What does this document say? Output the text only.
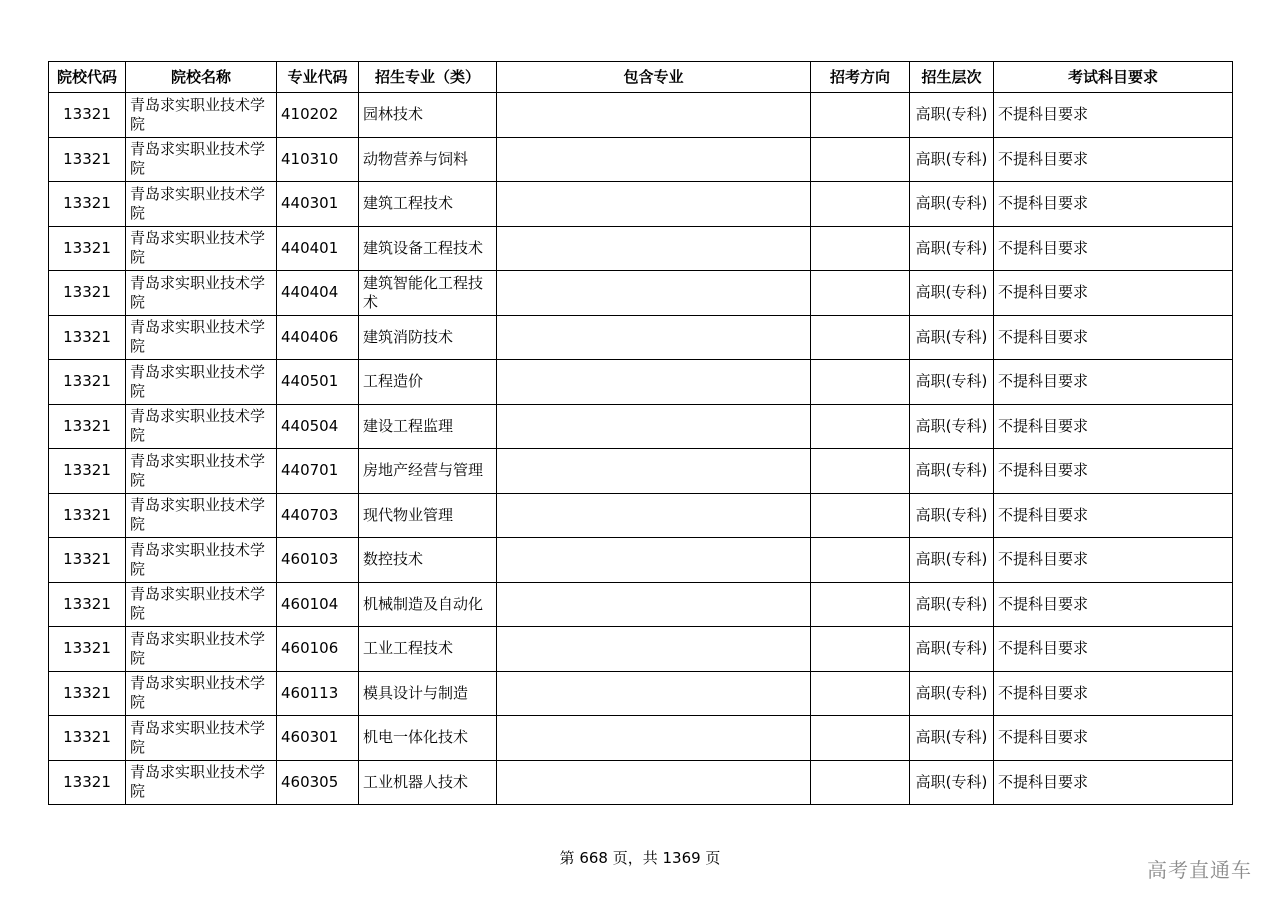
院校代码	院校名称	专业代码	招生专业（类）	包含专业	招考方向	招生层次	考试科目要求
13321	青岛求实职业技术学院	410202	园林技术			高职(专科)	不提科目要求
13321	青岛求实职业技术学院	410310	动物营养与饲料			高职(专科)	不提科目要求
13321	青岛求实职业技术学院	440301	建筑工程技术			高职(专科)	不提科目要求
13321	青岛求实职业技术学院	440401	建筑设备工程技术			高职(专科)	不提科目要求
13321	青岛求实职业技术学院	440404	建筑智能化工程技术			高职(专科)	不提科目要求
13321	青岛求实职业技术学院	440406	建筑消防技术			高职(专科)	不提科目要求
13321	青岛求实职业技术学院	440501	工程造价			高职(专科)	不提科目要求
13321	青岛求实职业技术学院	440504	建设工程监理			高职(专科)	不提科目要求
13321	青岛求实职业技术学院	440701	房地产经营与管理			高职(专科)	不提科目要求
13321	青岛求实职业技术学院	440703	现代物业管理			高职(专科)	不提科目要求
13321	青岛求实职业技术学院	460103	数控技术			高职(专科)	不提科目要求
13321	青岛求实职业技术学院	460104	机械制造及自动化			高职(专科)	不提科目要求
13321	青岛求实职业技术学院	460106	工业工程技术			高职(专科)	不提科目要求
13321	青岛求实职业技术学院	460113	模具设计与制造			高职(专科)	不提科目要求
13321	青岛求实职业技术学院	460301	机电一体化技术			高职(专科)	不提科目要求
13321	青岛求实职业技术学院	460305	工业机器人技术			高职(专科)	不提科目要求
第 668 页，共 1369 页	高考直通车
